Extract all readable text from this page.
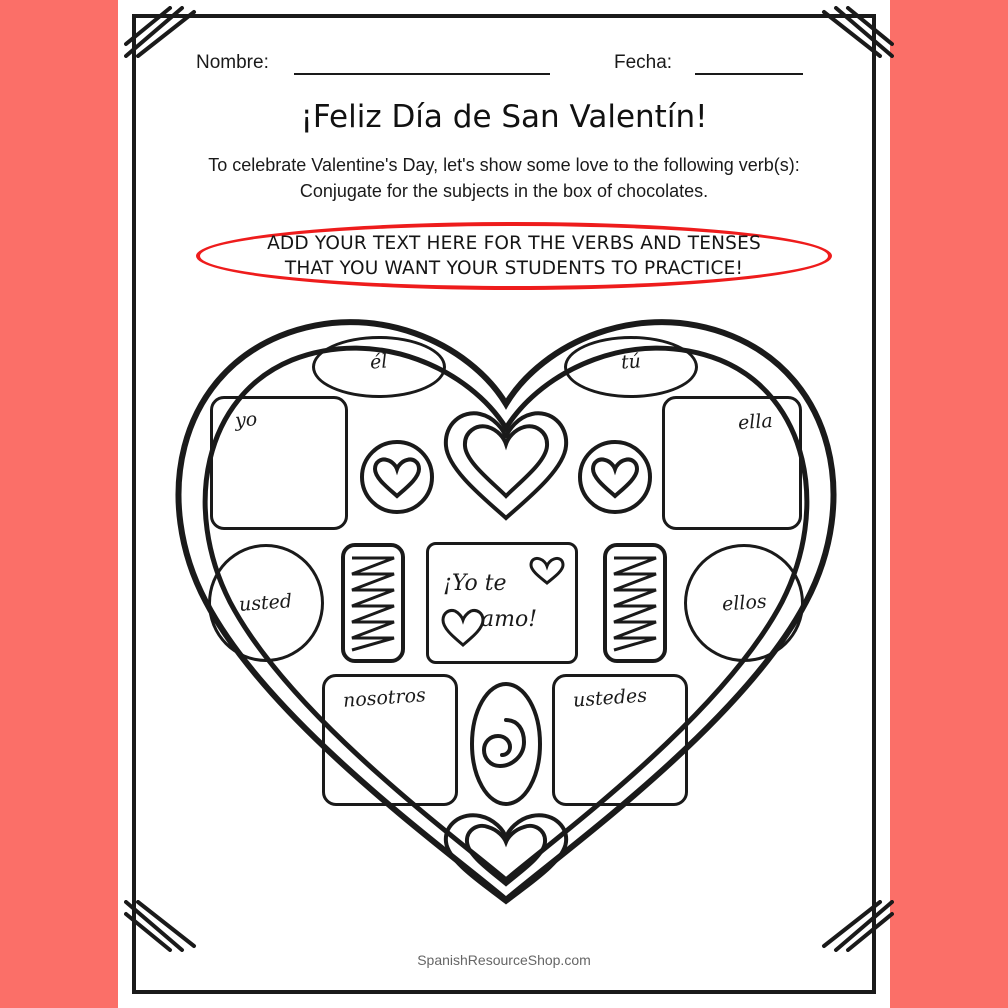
Nombre:	Fecha:
¡Feliz Día de San Valentín!
To celebrate Valentine's Day, let's show some love to the following verb(s): Conjugate for the subjects in the box of chocolates.
ADD YOUR TEXT HERE FOR THE VERBS AND TENSES
THAT YOU WANT YOUR STUDENTS TO PRACTICE!
él	tú
yo	ella
usted	ellos
¡Yo te
amo!
nosotros	ustedes
SpanishResourceShop.com
